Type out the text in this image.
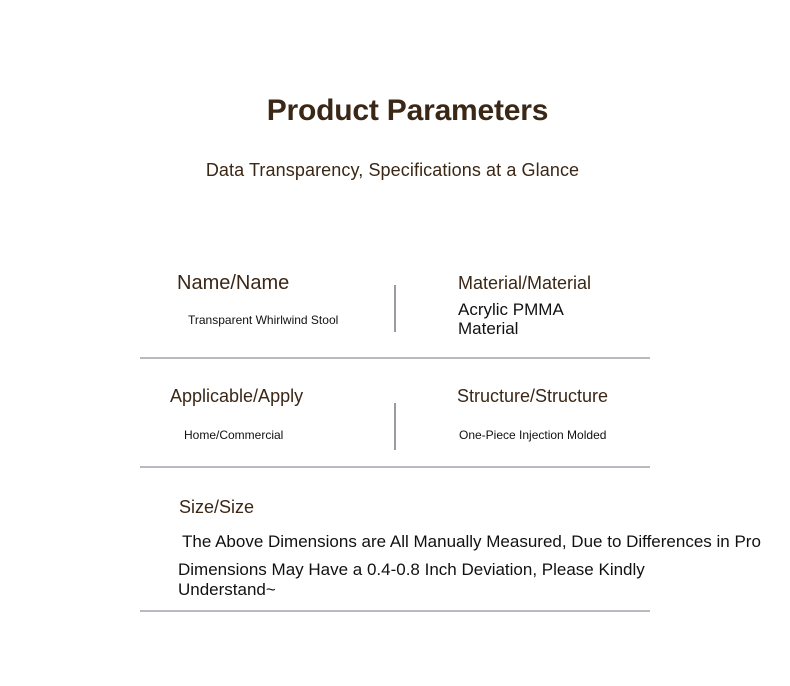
Product Parameters
Data Transparency, Specifications at a Glance
Name/Name
Transparent Whirlwind Stool
Material/Material
Acrylic PMMA Material
Applicable/Apply
Home/Commercial
Structure/Structure
One-Piece Injection Molded
Size/Size
The Above Dimensions are All Manually Measured, Due to Differences in Pro
Dimensions May Have a 0.4-0.8 Inch Deviation, Please Kindly
Understand~
